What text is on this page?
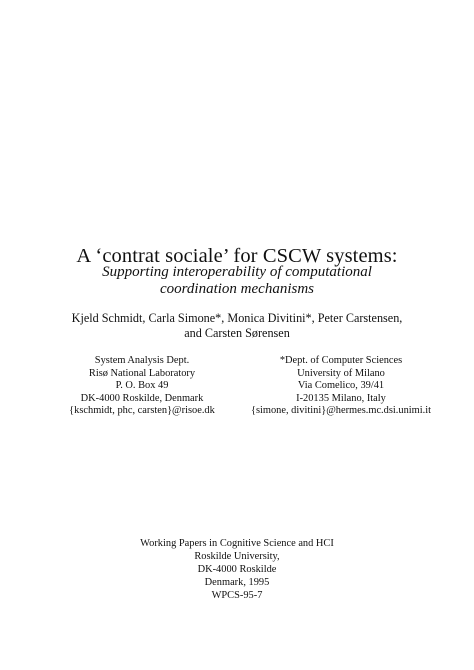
A ‘contrat sociale’ for CSCW systems:
Supporting interoperability of computational
coordination mechanisms
Kjeld Schmidt, Carla Simone*, Monica Divitini*, Peter Carstensen,
and Carsten Sørensen
System Analysis Dept.
Risø National Laboratory
P. O. Box 49
DK-4000 Roskilde, Denmark
{kschmidt, phc, carsten}@risoe.dk
*Dept. of Computer Sciences
University of Milano
Via Comelico, 39/41
I-20135 Milano, Italy
{simone, divitini}@hermes.mc.dsi.unimi.it
Working Papers in Cognitive Science and HCI
Roskilde University,
DK-4000 Roskilde
Denmark, 1995
WPCS-95-7
